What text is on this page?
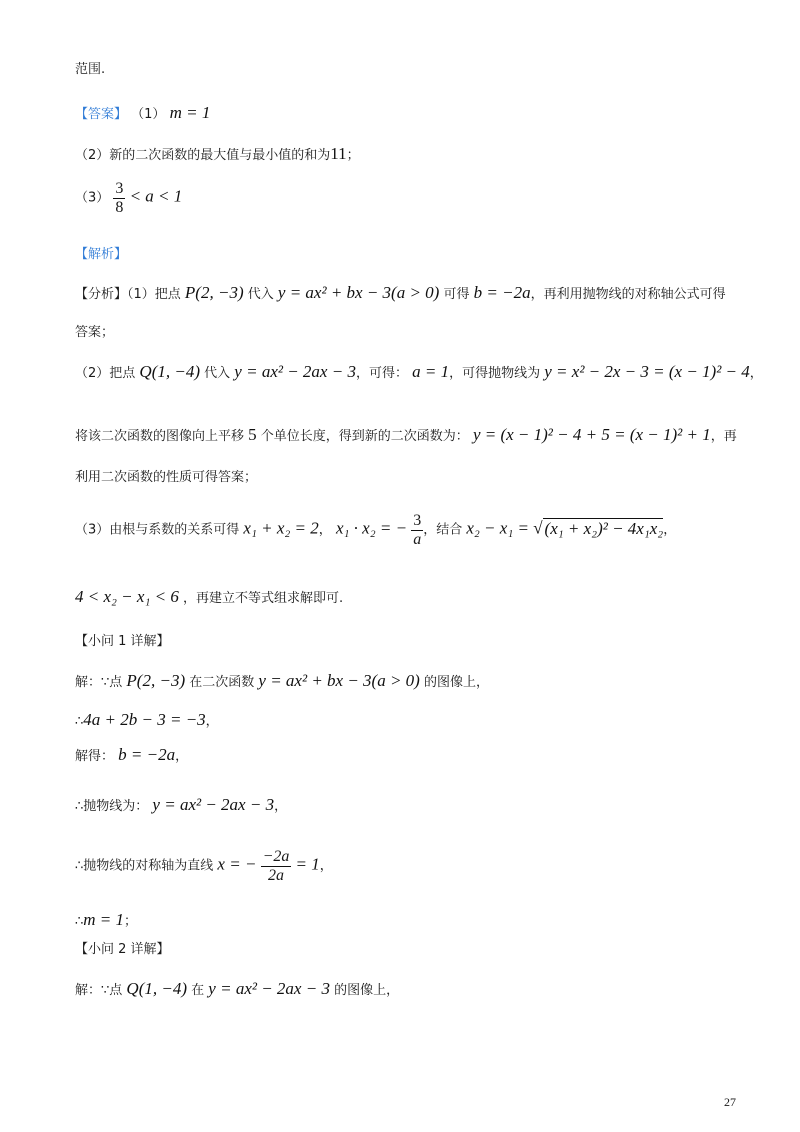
范围.
【答案】 （1） m = 1
（2）新的二次函数的最大值与最小值的和为11；
$(3) \frac{3}{8} < a < 1$
【解析】
【分析】（1）把点 P(2, −3) 代入 y = ax² + bx − 3(a > 0) 可得 b = −2a，再利用抛物线的对称轴公式可得
答案；
（2）把点 Q(1, −4) 代入 y = ax² − 2ax − 3，可得： a = 1，可得抛物线为 y = x² − 2x − 3 = (x − 1)² − 4，
将该二次函数的图像向上平移 5 个单位长度，得到新的二次函数为： y = (x − 1)² − 4 + 5 = (x − 1)² + 1，再
利用二次函数的性质可得答案；
（3）由根与系数的关系可得 x₁ + x₂ = 2， x₁ · x₂ = − $\frac{3}{a}$ ，结合 x₂ − x₁ = √ (x₁ + x₂)² − 4x₁x₂，
4 < x₂ − x₁ < 6 ，再建立不等式组求解即可.
【小问 1 详解】
解：∵点 P(2, −3) 在二次函数 y = ax² + bx − 3(a > 0) 的图像上，
∴4a + 2b − 3 = −3，
解得： b = −2a，
∴抛物线为： y = ax² − 2ax − 3，
∴抛物线的对称轴为直线 x = − $\frac{-2a}{2a} = 1$，
∴m = 1；
【小问 2 详解】
解：∵点 Q(1, −4) 在 y = ax² − 2ax − 3 的图像上，
27
